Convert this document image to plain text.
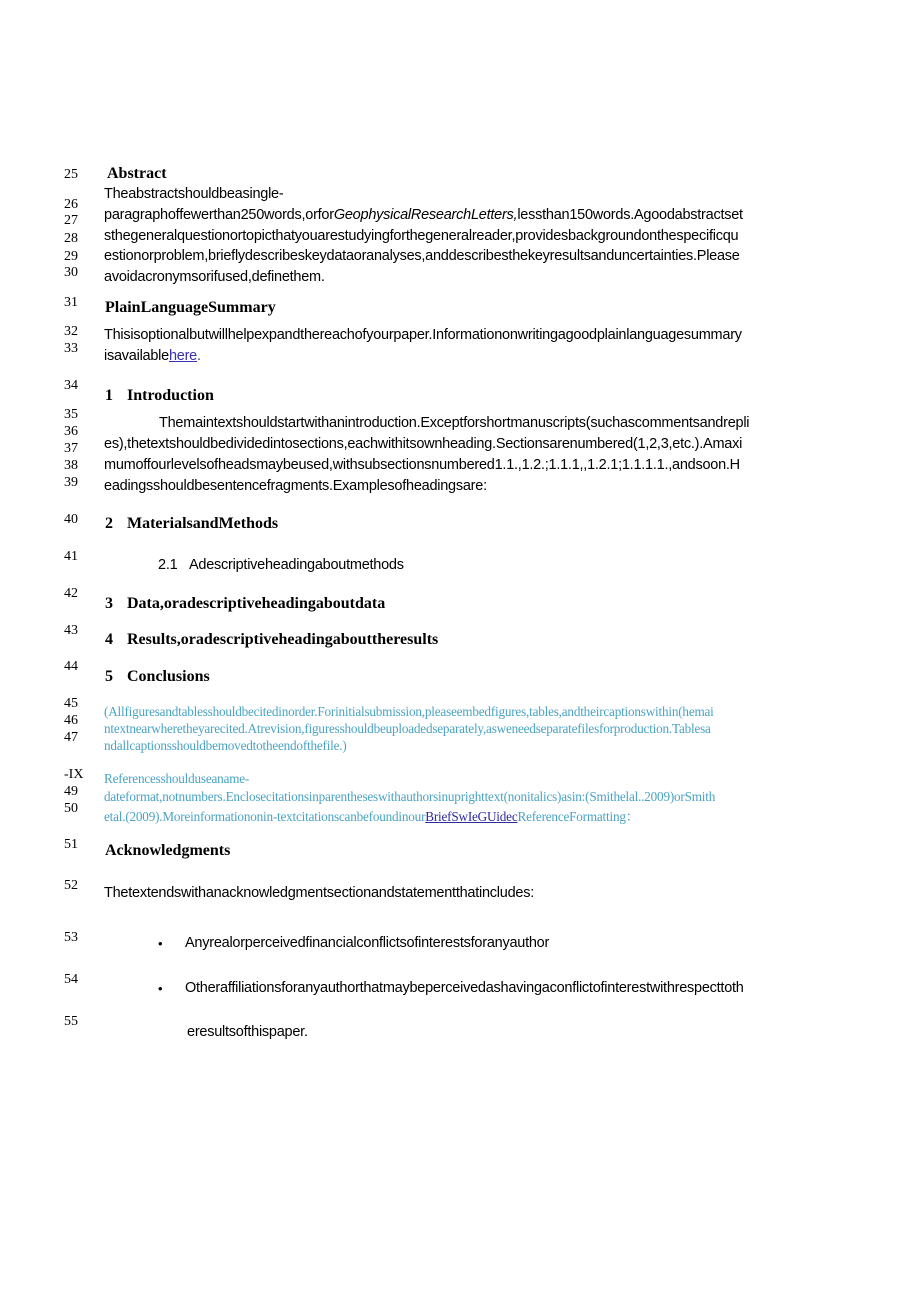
25
26
27
28
29
30
31
32
33
34
35
36
37
38
39
40
41
42
43
44
45
46
47
-IX
49
50
51
52
53
54
55
Abstract
Theabstractshouldbeasingle-
paragraphoffewerthan250words,orforGeophysicalResearchLetters,lessthan150words.Agoodabstractset
sthegeneralquestionortopicthatyouarestudyingforthegeneralreader,providesbackgroundonthespecificqu
estionorproblem,brieflydescribeskeydataoranalyses,anddescribesthekeyresultsanduncertainties.Please
avoidacronymsorifused,definethem.
PlainLanguageSummary
Thisisoptionalbutwillhelpexpandthereachofyourpaper.Informationonwritingagoodplainlanguagesummary
isavailablehere.
1 Introduction
Themaintextshouldstartwithanintroduction.Exceptforshortmanuscripts(suchascommentsandrepli
es),thetextshouldbedividedintosections,eachwithitsownheading.Sectionsarenumbered(1,2,3,etc.).Amaxi
mumoffourlevelsofheadsmaybeused,withsubsectionsnumbered1.1.,1.2.;1.1.1,,1.2.1;1.1.1.1.,andsoon.H
eadingsshouldbesentencefragments.Examplesofheadingsare:
2 MaterialsandMethods
2.1 Adescriptiveheadingaboutmethods
3 Data,oradescriptiveheadingaboutdata
4 Results,oradescriptiveheadingabouttheresults
5 Conclusions
(Allfiguresandtablesshouldbecitedinorder.Forinitialsubmission,pleaseembedfigures,tables,andtheircaptionswithin(hemai
ntextnearwheretheyarecited.Atrevision,figuresshouldbeuploadedseparately,asweneedseparatefilesforproduction.Tablesa
ndallcaptionsshouldbemovedtotheendofthefile.)
Referencesshoulduseaname-
dateformat,notnumbers.Enclosecitationsinparentheseswithauthorsinuprighttext(nonitalics)asin:(Smithelal..2009)orSmith
etal.(2009).Moreinformationonin-textcitationscanbefoundinourBriefSwIeGUidecReferenceFormatting：
Acknowledgments
Thetextendswithanacknowledgmentsectionandstatementthatincludes:
• Anyrealorperceivedfinancialconflictsofinterestsforanyauthor
• Otheraffiliationsforanyauthorthatmaybeperceivedashavingaconflictofinterestwithrespecttoth
eresultsofthispaper.
